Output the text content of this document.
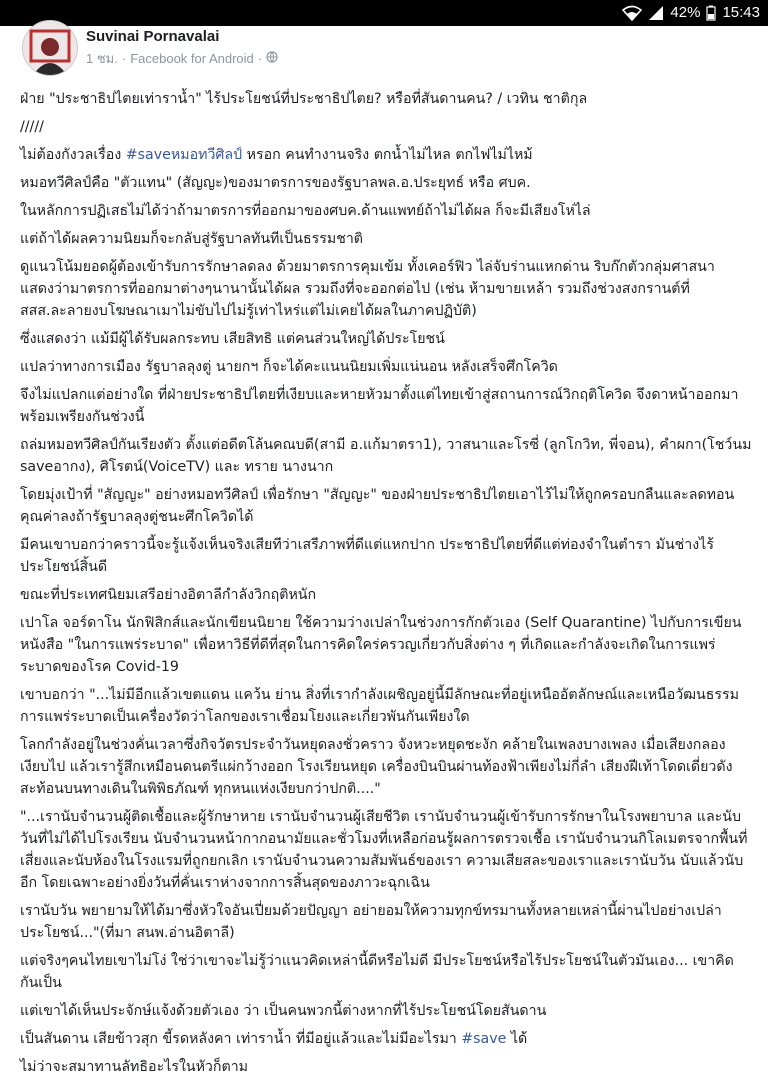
42% 15:43
Suvinai Pornavalai
1 ชม. · Facebook for Android ·

ฝ่าย "ประชาธิปไตยเท่ารานํ้า" ไร้ประโยชน์ที่ประชาธิปไตย? หรือที่สันดานคน? / เวทิน ชาติกุล

/////

ไม่ต้องกังวลเรื่อง #saveหมอทวีศิลป์ หรอก คนทำงานจริง ตกน้ำไม่ไหล ตกไฟไม่ไหม้

หมอทวีศิลป์คือ "ตัวแทน" (สัญญะ)ของมาตรการของรัฐบาลพล.อ.ประยุทธ์ หรือ ศบค.

ในหลักการปฏิเสธไม่ได้ว่าถ้ามาตรการที่ออกมาของศบค.ด้านแพทย์ถ้าไม่ได้ผล ก็จะมีเสียงโห่ไล่

แต่ถ้าได้ผลความนิยมก็จะกลับสู่รัฐบาลทันทีเป็นธรรมชาติ

ดูแนวโน้มยอดผู้ต้องเข้ารับการรักษาลดลง ด้วยมาตรการคุมเข้ม ทั้งเคอร์ฟิว ไล่จับร่านแหกด่าน ริบก๊กตัวกลุ่มศาสนา แสดงว่ามาตรการที่ออกมาต่างๆนานานั้นได้ผล รวมถึงที่จะออกต่อไป (เช่น ห้ามขายเหล้า รวมถึงช่วงสงกรานต์ที่ สสส.ละลายงบโฆษณาเมาไม่ขับไปไม่รู้เท่าไหร่แต่ไม่เคยได้ผลในภาคปฏิบัติ)

ซึ่งแสดงว่า แม้มีผู้ได้รับผลกระทบ เสียสิทธิ แต่คนส่วนใหญ่ได้ประโยชน์

แปลว่าทางการเมือง รัฐบาลลุงตู่ นายกฯ ก็จะได้คะแนนนิยมเพิ่มแน่นอน หลังเสร็จศึกโควิด

จึงไม่แปลกแต่อย่างใด ที่ฝ่ายประชาธิปไตยที่เงียบและหายหัวมาตั้งแต่ไทยเข้าสู่สถานการณ์วิกฤติโควิด จึงดาหน้าออกมาพร้อมเพรียงกันช่วงนี้

ถล่มหมอทวีศิลป์กันเรียงตัว ตั้งแต่อดีตโล้นคณบดี(สามี อ.แก้มาตรา1), วาสนาและโรซี่ (ลูกโกวิท, พี่จอน), คำผกา(โชว์นม saveอากง), ศิโรตน์(VoiceTV) และ ทราย นางนาก

โดยมุ่งเป้าที่ "สัญญะ" อย่างหมอทวีศิลป์ เพื่อรักษา "สัญญะ" ของฝ่ายประชาธิปไตยเอาไว้ไม่ให้ถูกครอบกลืนและลดทอนคุณค่าลงถ้ารัฐบาลลุงตู่ชนะศึกโควิดได้

มีคนเขาบอกว่าคราวนี้จะรู้แจ้งเห็นจริงเสียทีว่าเสรีภาพที่ดีแต่แหกปาก ประชาธิปไตยที่ดีแต่ท่องจำในตำรา มันช่างไร้ประโยชน์สิ้นดี

ขณะที่ประเทศนิยมเสรีอย่างอิตาลีกำลังวิกฤติหนัก

เปาโล จอร์ดาโน นักฟิสิกส์และนักเขียนนิยาย ใช้ความว่างเปล่าในช่วงการกักตัวเอง (Self Quarantine) ไปกับการเขียนหนังสือ "ในการแพร่ระบาด" เพื่อหาวิธีที่ดีที่สุดในการคิดใคร่ครวญเกี่ยวกับสิ่งต่าง ๆ ที่เกิดและกำลังจะเกิดในการแพร่ระบาดของโรค Covid-19

เขาบอกว่า "...ไม่มีอีกแล้วเขตแดน แคว้น ย่าน สิ่งที่เรากำลังเผชิญอยู่นี้มีลักษณะที่อยู่เหนืออัตลักษณ์และเหนือวัฒนธรรม การแพร่ระบาดเป็นเครื่องวัดว่าโลกของเราเชื่อมโยงและเกี่ยวพันกันเพียงใด

โลกกำลังอยู่ในช่วงคั่นเวลาซึ่งกิจวัตรประจำวันหยุดลงชั่วคราว จังหวะหยุดชะงัก คล้ายในเพลงบางเพลง เมื่อเสียงกลองเงียบไป แล้วเรารู้สึกเหมือนดนตรีแผ่กว้างออก โรงเรียนหยุด เครื่องบินบินผ่านท้องฟ้าเพียงไม่กี่ลำ เสียงฝีเท้าโดดเดี่ยวดังสะท้อนบนทางเดินในพิพิธภัณฑ์ ทุกหนแห่งเงียบกว่าปกติ...."

"...เรานับจำนวนผู้ติดเชื้อและผู้รักษาหาย เรานับจำนวนผู้เสียชีวิต เรานับจำนวนผู้เข้ารับการรักษาในโรงพยาบาล และนับวันที่ไม่ได้ไปโรงเรียน นับจำนวนหน้ากากอนามัยและชั่วโมงที่เหลือก่อนรู้ผลการตรวจเชื้อ เรานับจำนวนกิโลเมตรจากพื้นที่เสี่ยงและนับห้องในโรงแรมที่ถูกยกเลิก เรานับจำนวนความสัมพันธ์ของเรา ความเสียสละของเราและเรานับวัน นับแล้วนับอีก โดยเฉพาะอย่างยิ่งวันที่คั่นเราห่างจากการสิ้นสุดของภาวะฉุกเฉิน

เรานับวัน พยายามให้ได้มาซึ่งหัวใจอันเปี่ยมด้วยปัญญา อย่ายอมให้ความทุกข์ทรมานทั้งหลายเหล่านี้ผ่านไปอย่างเปล่าประโยชน์..."(ที่มา สนพ.อ่านอิตาลี)

แต่จริงๆคนไทยเขาไม่โง่ ใช่ว่าเขาจะไม่รู้ว่าแนวคิดเหล่านี้ดีหรือไม่ดี มีประโยชน์หรือไร้ประโยชน์ในตัวมันเอง... เขาคิดกันเป็น

แต่เขาได้เห็นประจักษ์แจ้งด้วยตัวเอง ว่า เป็นคนพวกนี้ต่างหากที่ไร้ประโยชน์โดยสันดาน

เป็นสันดาน เสียข้าวสุก ขี้รดหลังคา เท่ารานํ้า ที่มีอยู่แล้วและไม่มีอะไรมา #save ได้

ไม่ว่าจะสมาทานลัทธิอะไรในหัวก็ตาม
